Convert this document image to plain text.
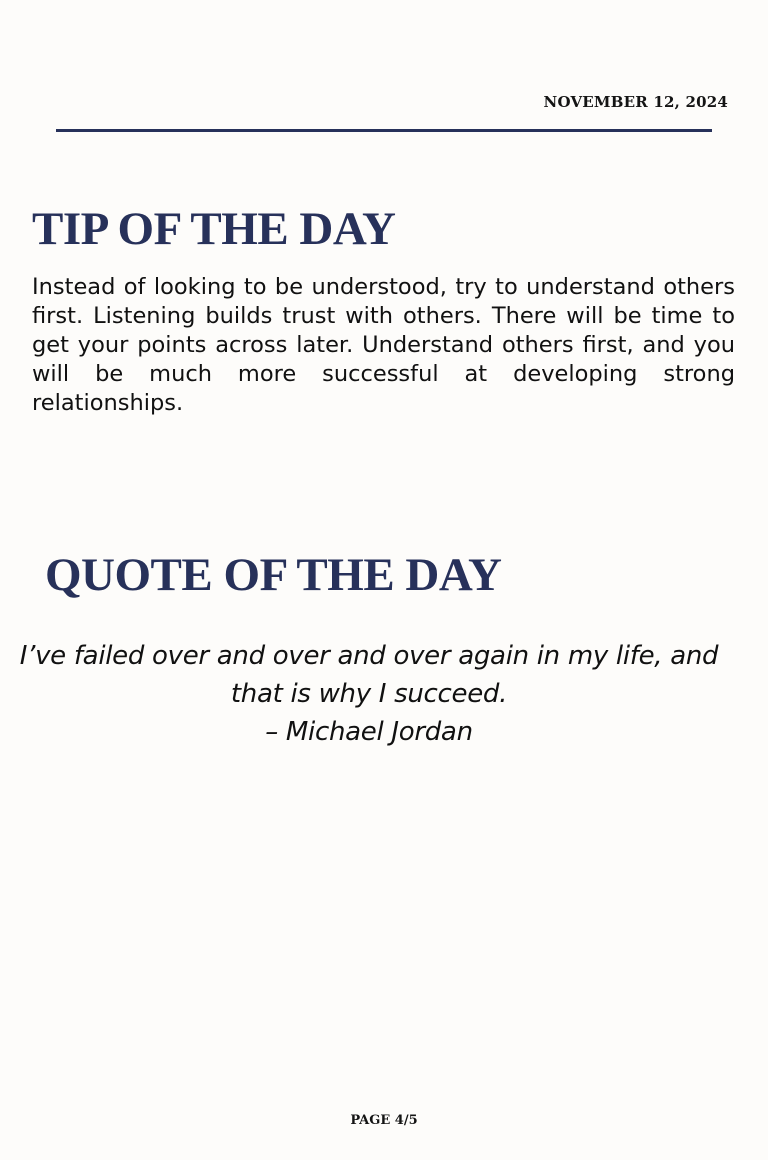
NOVEMBER 12, 2024
TIP OF THE DAY

Instead of looking to be understood, try to understand others first. Listening builds trust with others. There will be time to get your points across later. Understand others first, and you will be much more successful at developing strong relationships.

QUOTE OF THE DAY
I’ve failed over and over and over again in my life, and
that is why I succeed.
– Michael Jordan
PAGE 4/5
